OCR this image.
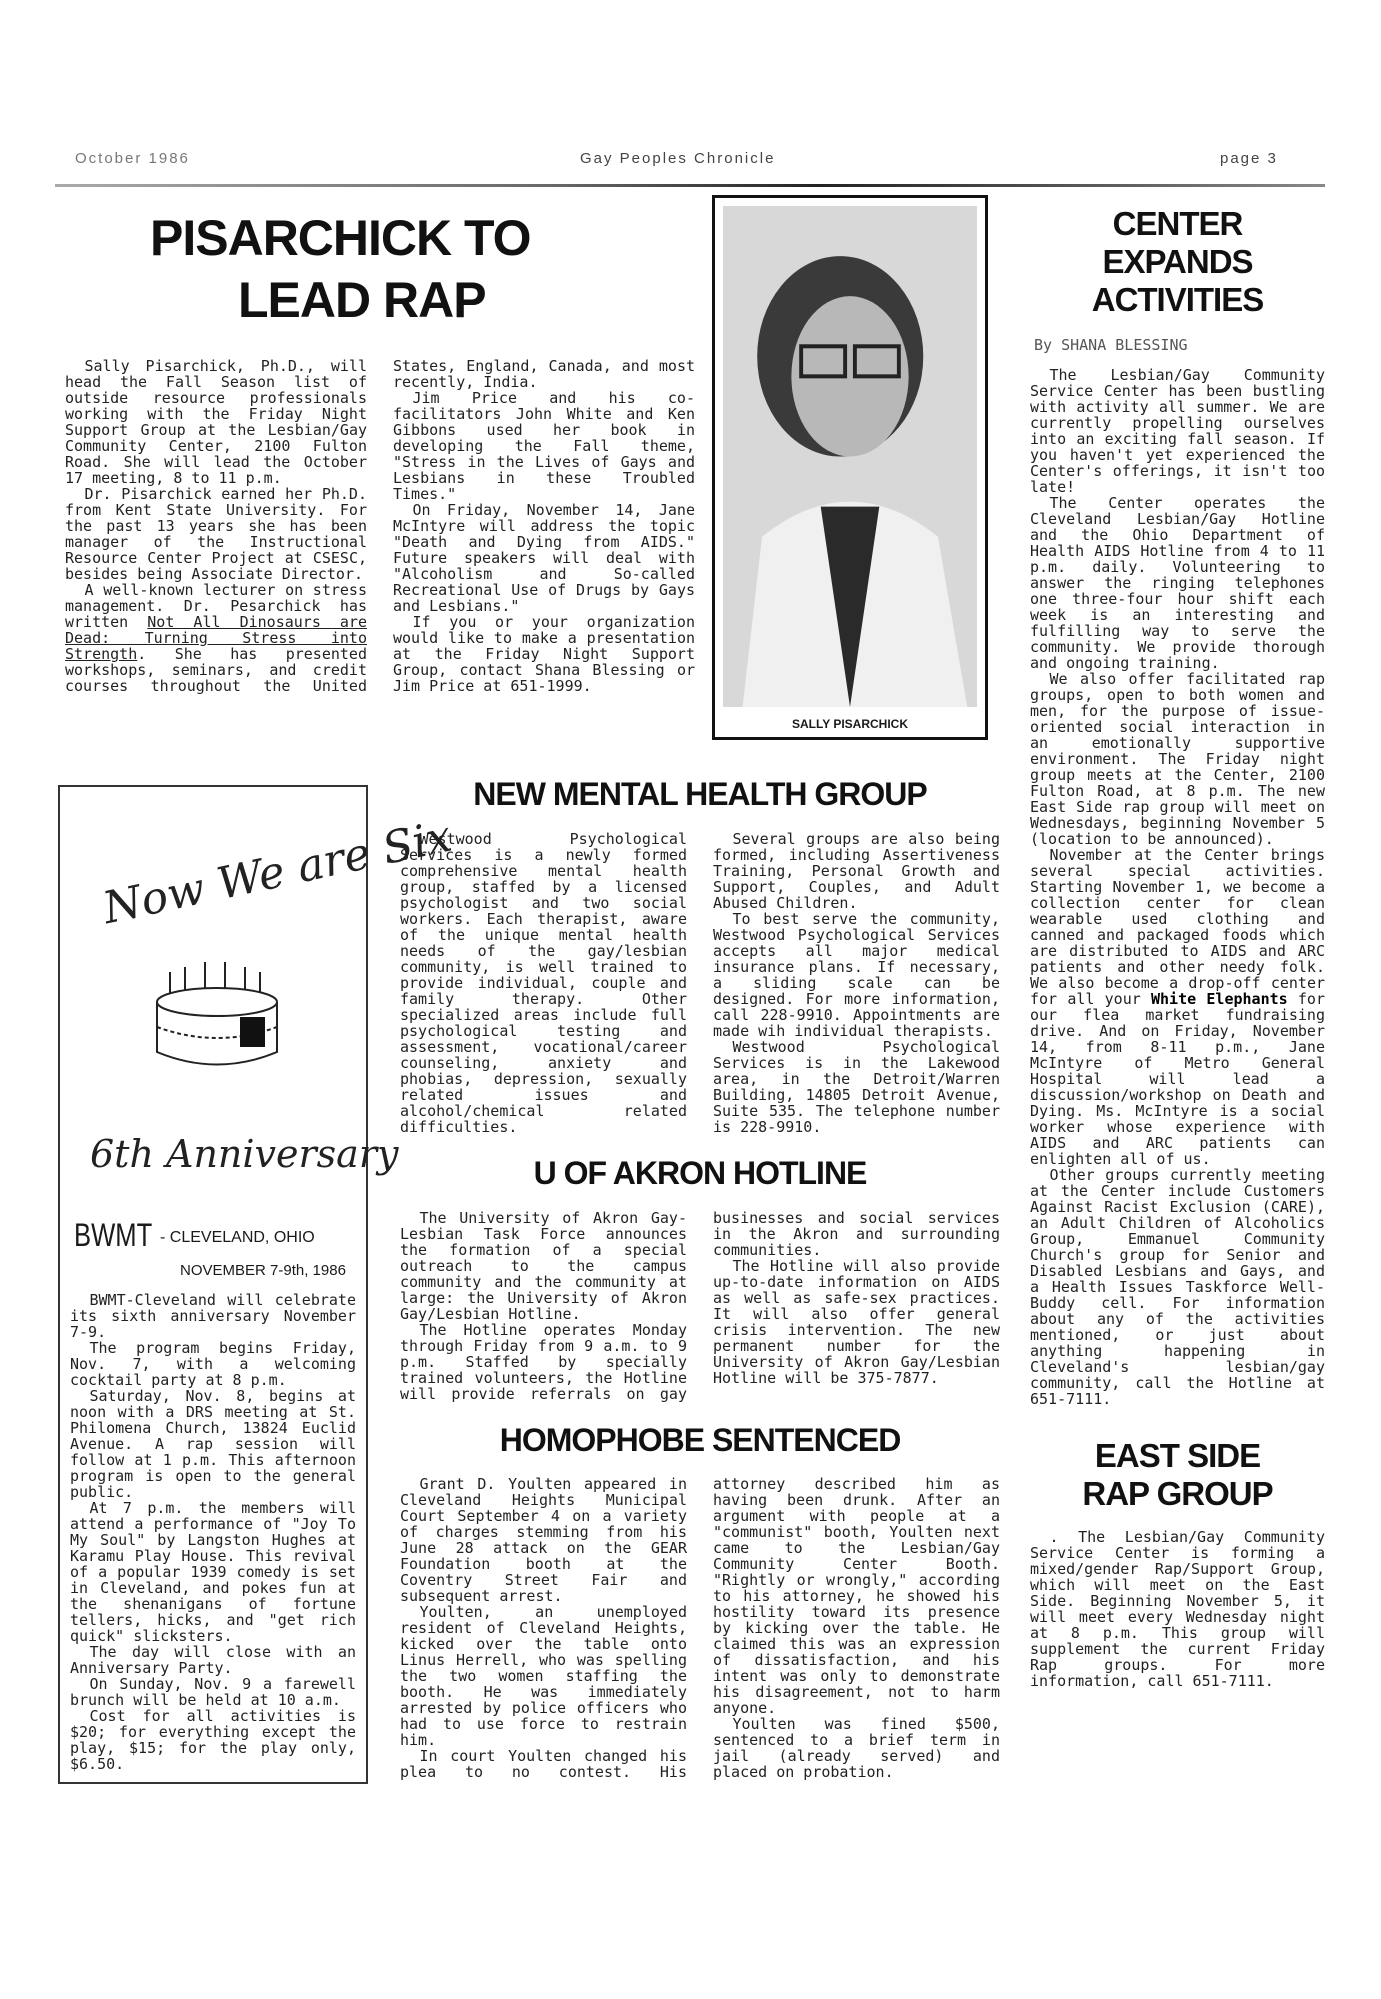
October 1986	Gay Peoples Chronicle	page 3
PISARCHICK TO
LEAD RAP

Sally Pisarchick, Ph.D., will head the Fall Season list of outside resource professionals working with the Friday Night Support Group at the Lesbian/Gay Community Center, 2100 Fulton Road. She will lead the October 17 meeting, 8 to 11 p.m.

Dr. Pisarchick earned her Ph.D. from Kent State University. For the past 13 years she has been manager of the Instructional Resource Center Project at CSESC, besides being Associate Director.

A well-known lecturer on stress management. Dr. Pesarchick has written Not All Dinosaurs are Dead: Turning Stress into Strength. She has presented workshops, seminars, and credit courses throughout the United States, England, Canada, and most recently, India.

Jim Price and his co-facilitators John White and Ken Gibbons used her book in developing the Fall theme, "Stress in the Lives of Gays and Lesbians in these Troubled Times."

On Friday, November 14, Jane McIntyre will address the topic "Death and Dying from AIDS." Future speakers will deal with "Alcoholism and So-called Recreational Use of Drugs by Gays and Lesbians."

If you or your organization would like to make a presentation at the Friday Night Support Group, contact Shana Blessing or Jim Price at 651-1999.

SALLY PISARCHICK
CENTER
EXPANDS
ACTIVITIES
By SHANA BLESSING

The Lesbian/Gay Community Service Center has been bustling with activity all summer. We are currently propelling ourselves into an exciting fall season. If you haven't yet experienced the Center's offerings, it isn't too late!

The Center operates the Cleveland Lesbian/Gay Hotline and the Ohio Department of Health AIDS Hotline from 4 to 11 p.m. daily. Volunteering to answer the ringing telephones one three-four hour shift each week is an interesting and fulfilling way to serve the community. We provide thorough and ongoing training.

We also offer facilitated rap groups, open to both women and men, for the purpose of issue-oriented social interaction in an emotionally supportive environment. The Friday night group meets at the Center, 2100 Fulton Road, at 8 p.m. The new East Side rap group will meet on Wednesdays, beginning November 5 (location to be announced).

November at the Center brings several special activities. Starting November 1, we become a collection center for clean wearable used clothing and canned and packaged foods which are distributed to AIDS and ARC patients and other needy folk. We also become a drop-off center for all your White Elephants for our flea market fundraising drive. And on Friday, November 14, from 8-11 p.m., Jane McIntyre of Metro General Hospital will lead a discussion/workshop on Death and Dying. Ms. McIntyre is a social worker whose experience with AIDS and ARC patients can enlighten all of us.

Other groups currently meeting at the Center include Customers Against Racist Exclusion (CARE), an Adult Children of Alcoholics Group, Emmanuel Community Church's group for Senior and Disabled Lesbians and Gays, and a Health Issues Taskforce Well-Buddy cell. For information about any of the activities mentioned, or just about anything happening in Cleveland's lesbian/gay community, call the Hotline at 651-7111.

EAST SIDE
RAP GROUP

. The Lesbian/Gay Community Service Center is forming a mixed/gender Rap/Support Group, which will meet on the East Side. Beginning November 5, it will meet every Wednesday night at 8 p.m. This group will supplement the current Friday Rap groups. For more information, call 651-7111.

Now We are Six
6th Anniversary
BWMT - CLEVELAND, OHIO
NOVEMBER 7-9th, 1986

BWMT-Cleveland will celebrate its sixth anniversary November 7-9.

The program begins Friday, Nov. 7, with a welcoming cocktail party at 8 p.m.

Saturday, Nov. 8, begins at noon with a DRS meeting at St. Philomena Church, 13824 Euclid Avenue. A rap session will follow at 1 p.m. This afternoon program is open to the general public.

At 7 p.m. the members will attend a performance of "Joy To My Soul" by Langston Hughes at Karamu Play House. This revival of a popular 1939 comedy is set in Cleveland, and pokes fun at the shenanigans of fortune tellers, hicks, and "get rich quick" slicksters.

The day will close with an Anniversary Party.

On Sunday, Nov. 9 a farewell brunch will be held at 10 a.m.

Cost for all activities is $20; for everything except the play, $15; for the play only, $6.50.

NEW MENTAL HEALTH GROUP

Westwood Psychological Services is a newly formed comprehensive mental health group, staffed by a licensed psychologist and two social workers. Each therapist, aware of the unique mental health needs of the gay/lesbian community, is well trained to provide individual, couple and family therapy. Other specialized areas include full psychological testing and assessment, vocational/career counseling, anxiety and phobias, depression, sexually related issues and alcohol/chemical related difficulties.

Several groups are also being formed, including Assertiveness Training, Personal Growth and Support, Couples, and Adult Abused Children.

To best serve the community, Westwood Psychological Services accepts all major medical insurance plans. If necessary, a sliding scale can be designed. For more information, call 228-9910. Appointments are made wih individual therapists.

Westwood Psychological Services is in the Lakewood area, in the Detroit/Warren Building, 14805 Detroit Avenue, Suite 535. The telephone number is 228-9910.

U OF AKRON HOTLINE

The University of Akron Gay-Lesbian Task Force announces the formation of a special outreach to the campus community and the community at large: the University of Akron Gay/Lesbian Hotline.

The Hotline operates Monday through Friday from 9 a.m. to 9 p.m. Staffed by specially trained volunteers, the Hotline will provide referrals on gay businesses and social services in the Akron and surrounding communities.

The Hotline will also provide up-to-date information on AIDS as well as safe-sex practices. It will also offer general crisis intervention. The new permanent number for the University of Akron Gay/Lesbian Hotline will be 375-7877.

HOMOPHOBE SENTENCED

Grant D. Youlten appeared in Cleveland Heights Municipal Court September 4 on a variety of charges stemming from his June 28 attack on the GEAR Foundation booth at the Coventry Street Fair and subsequent arrest.

Youlten, an unemployed resident of Cleveland Heights, kicked over the table onto Linus Herrell, who was spelling the two women staffing the booth. He was immediately arrested by police officers who had to use force to restrain him.

In court Youlten changed his plea to no contest. His attorney described him as having been drunk. After an argument with people at a "communist" booth, Youlten next came to the Lesbian/Gay Community Center Booth. "Rightly or wrongly," according to his attorney, he showed his hostility toward its presence by kicking over the table. He claimed this was an expression of dissatisfaction, and his intent was only to demonstrate his disagreement, not to harm anyone.

Youlten was fined $500, sentenced to a brief term in jail (already served) and placed on probation.
